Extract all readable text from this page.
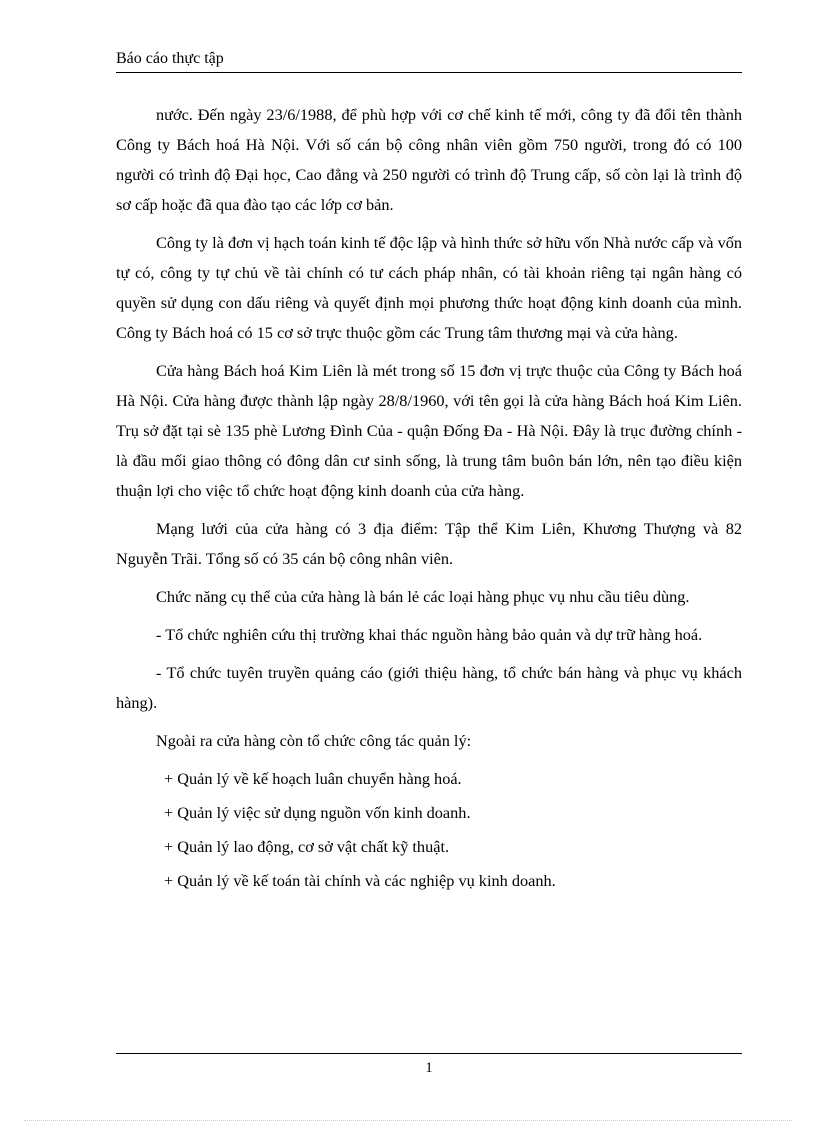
Báo cáo thực tập

nước. Đến ngày 23/6/1988, để phù hợp với cơ chế kinh tế mới, công ty đã đổi tên thành Công ty Bách hoá Hà Nội. Với số cán bộ công nhân viên gồm 750 người, trong đó có 100 người có trình độ Đại học, Cao đẳng và 250 người có trình độ Trung cấp, số còn lại là trình độ sơ cấp hoặc đã qua đào tạo các lớp cơ bản.

Công ty là đơn vị hạch toán kinh tế độc lập và hình thức sở hữu vốn Nhà nước cấp và vốn tự có, công ty tự chủ về tài chính có tư cách pháp nhân, có tài khoản riêng tại ngân hàng có quyền sử dụng con dấu riêng và quyết định mọi phương thức hoạt động kinh doanh của mình. Công ty Bách hoá có 15 cơ sở trực thuộc gồm các Trung tâm thương mại và cửa hàng.

Cửa hàng Bách hoá Kim Liên là mét trong số 15 đơn vị trực thuộc của Công ty Bách hoá Hà Nội. Cửa hàng được thành lập ngày 28/8/1960, với tên gọi là cửa hàng Bách hoá Kim Liên. Trụ sở đặt tại sè 135 phè Lương Đình Của - quận Đống Đa - Hà Nội. Đây là trục đường chính - là đầu mối giao thông có đông dân cư sinh sống, là trung tâm buôn bán lớn, nên tạo điều kiện thuận lợi cho việc tổ chức hoạt động kinh doanh của cửa hàng.

Mạng lưới của cửa hàng có 3 địa điểm: Tập thể Kim Liên, Khương Thượng và 82 Nguyễn Trãi. Tổng số có 35 cán bộ công nhân viên.

Chức năng cụ thể của cửa hàng là bán lẻ các loại hàng phục vụ nhu cầu tiêu dùng.

- Tổ chức nghiên cứu thị trường khai thác nguồn hàng bảo quản và dự trữ hàng hoá.

- Tổ chức tuyên truyền quảng cáo (giới thiệu hàng, tổ chức bán hàng và phục vụ khách hàng).

Ngoài ra cửa hàng còn tổ chức công tác quản lý:

+ Quản lý về kế hoạch luân chuyển hàng hoá.

+ Quản lý việc sử dụng nguồn vốn kinh doanh.

+ Quản lý lao động, cơ sở vật chất kỹ thuật.

+ Quản lý về kế toán tài chính và các nghiệp vụ kinh doanh.

1
